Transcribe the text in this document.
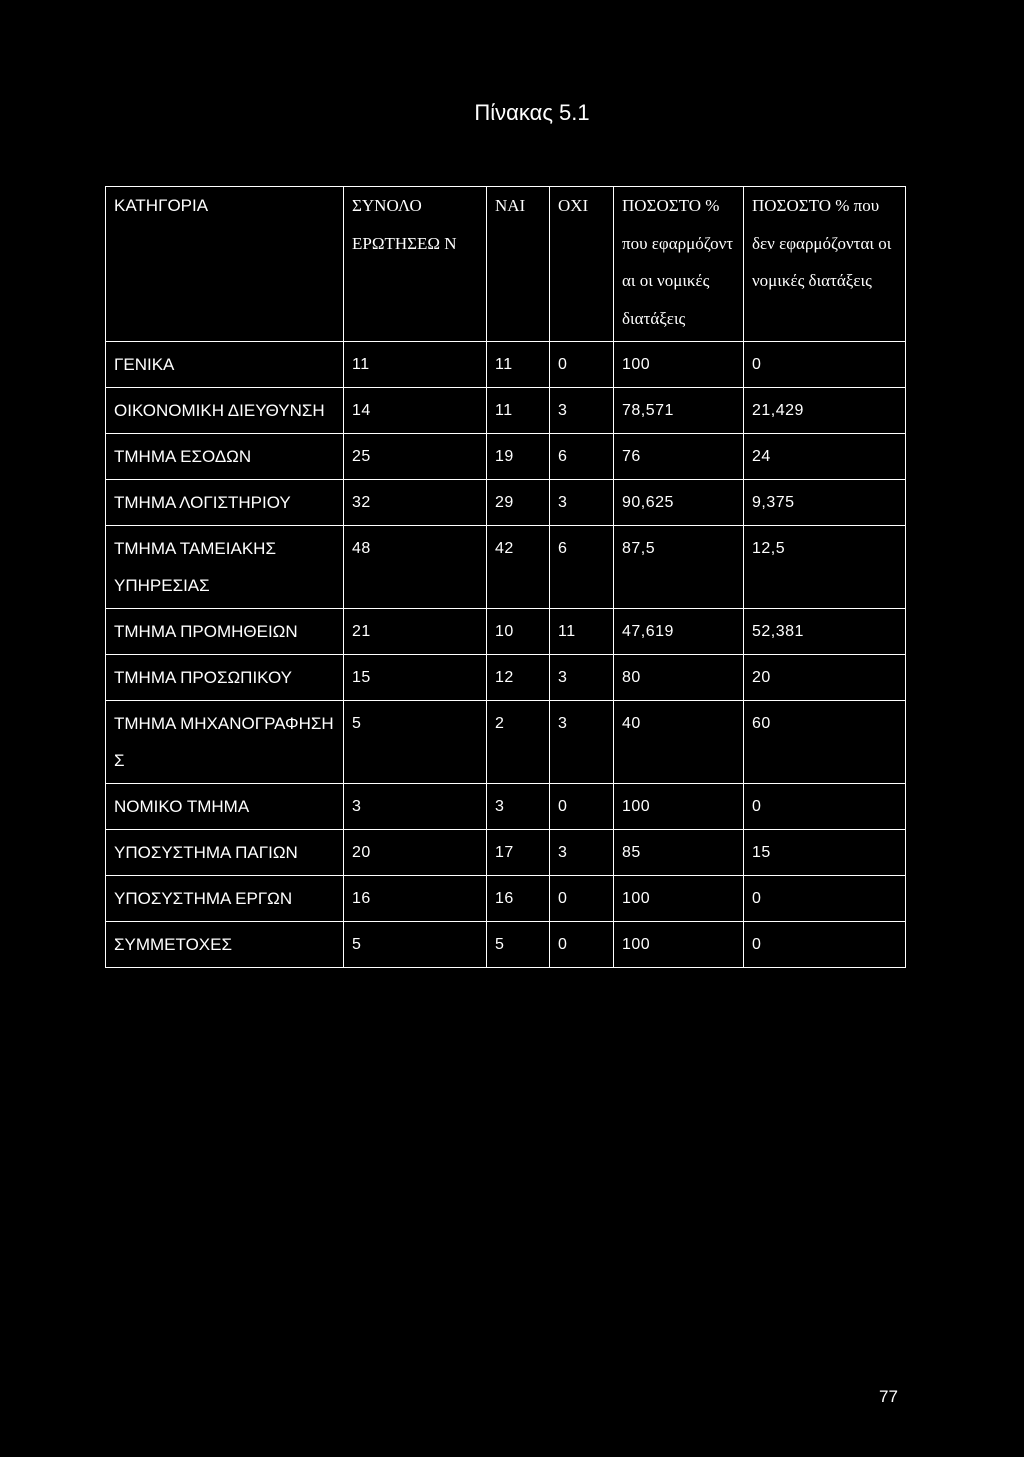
Πίνακας 5.1
ΚΑΤΗΓΟΡΙΑ	ΣΥΝΟΛΟ ΕΡΩΤΗΣΕΩ Ν	ΝΑΙ	ΟΧΙ	ΠΟΣΟΣΤΟ % που εφαρμόζοντ αι οι νομικές διατάξεις	ΠΟΣΟΣΤΟ % που δεν εφαρμόζονται οι νομικές διατάξεις
ΓΕΝΙΚΑ	11	11	0	100	0
ΟΙΚΟΝΟΜΙΚΗ ΔΙΕΥΘΥΝΣΗ	14	11	3	78,571	21,429
ΤΜΗΜΑ ΕΣΟΔΩΝ	25	19	6	76	24
ΤΜΗΜΑ ΛΟΓΙΣΤΗΡΙΟΥ	32	29	3	90,625	9,375
ΤΜΗΜΑ ΤΑΜΕΙΑΚΗΣ ΥΠΗΡΕΣΙΑΣ	48	42	6	87,5	12,5
ΤΜΗΜΑ ΠΡΟΜΗΘΕΙΩΝ	21	10	11	47,619	52,381
ΤΜΗΜΑ ΠΡΟΣΩΠΙΚΟΥ	15	12	3	80	20
ΤΜΗΜΑ ΜΗΧΑΝΟΓΡΑΦΗΣΗ Σ	5	2	3	40	60
ΝΟΜΙΚΟ ΤΜΗΜΑ	3	3	0	100	0
ΥΠΟΣΥΣΤΗΜΑ ΠΑΓΙΩΝ	20	17	3	85	15
ΥΠΟΣΥΣΤΗΜΑ ΕΡΓΩΝ	16	16	0	100	0
ΣΥΜΜΕΤΟΧΕΣ	5	5	0	100	0
77
